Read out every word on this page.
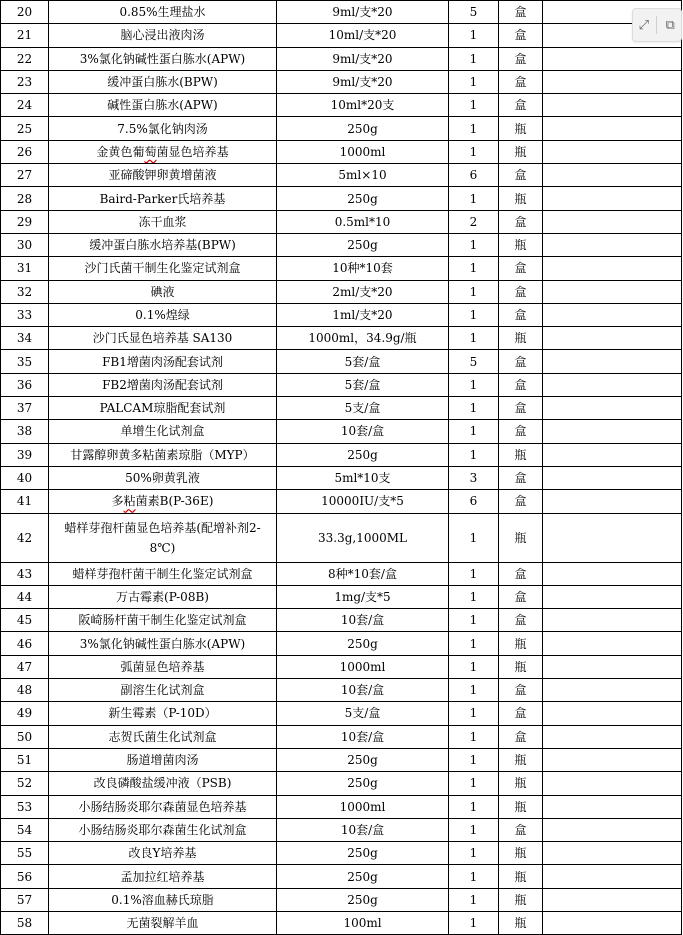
20	0.85%生理盐水	9ml/支*20	5	盒	
21	脑心浸出液肉汤	10ml/支*20	1	盒	
22	3%氯化钠碱性蛋白胨水(APW)	9ml/支*20	1	盒	
23	缓冲蛋白胨水(BPW)	9ml/支*20	1	盒	
24	碱性蛋白胨水(APW)	10ml*20支	1	盒	
25	7.5%氯化钠肉汤	250g	1	瓶	
26	金黄色葡萄菌显色培养基	1000ml	1	瓶	
27	亚碲酸钾卵黄增菌液	5ml×10	6	盒	
28	Baird-Parker氏培养基	250g	1	瓶	
29	冻干血浆	0.5ml*10	2	盒	
30	缓冲蛋白胨水培养基(BPW)	250g	1	瓶	
31	沙门氏菌干制生化鉴定试剂盒	10种*10套	1	盒	
32	碘液	2ml/支*20	1	盒	
33	0.1%煌绿	1ml/支*20	1	盒	
34	沙门氏显色培养基 SA130	1000ml，34.9g/瓶	1	瓶	
35	FB1增菌肉汤配套试剂	5套/盒	5	盒	
36	FB2增菌肉汤配套试剂	5套/盒	1	盒	
37	PALCAM琼脂配套试剂	5支/盒	1	盒	
38	单增生化试剂盒	10套/盒	1	盒	
39	甘露醇卵黄多粘菌素琼脂（MYP）	250g	1	瓶	
40	50%卵黄乳液	5ml*10支	3	盒	
41	多粘菌素B(P-36E)	10000IU/支*5	6	盒	
42	蜡样芽孢杆菌显色培养基(配增补剂2-8℃)	33.3g,1000ML	1	瓶	
43	蜡样芽孢杆菌干制生化鉴定试剂盒	8种*10套/盒	1	盒	
44	万古霉素(P-08B)	1mg/支*5	1	盒	
45	阪崎肠杆菌干制生化鉴定试剂盒	10套/盒	1	盒	
46	3%氯化钠碱性蛋白胨水(APW)	250g	1	瓶	
47	弧菌显色培养基	1000ml	1	瓶	
48	副溶生化试剂盒	10套/盒	1	盒	
49	新生霉素（P-10D）	5支/盒	1	盒	
50	志贺氏菌生化试剂盒	10套/盒	1	盒	
51	肠道增菌肉汤	250g	1	瓶	
52	改良磷酸盐缓冲液（PSB)	250g	1	瓶	
53	小肠结肠炎耶尔森菌显色培养基	1000ml	1	瓶	
54	小肠结肠炎耶尔森菌生化试剂盒	10套/盒	1	盒	
55	改良Y培养基	250g	1	瓶	
56	孟加拉红培养基	250g	1	瓶	
57	0.1%溶血赫氏琼脂	250g	1	瓶	
58	无菌裂解羊血	100ml	1	瓶	
⤢	⧉
